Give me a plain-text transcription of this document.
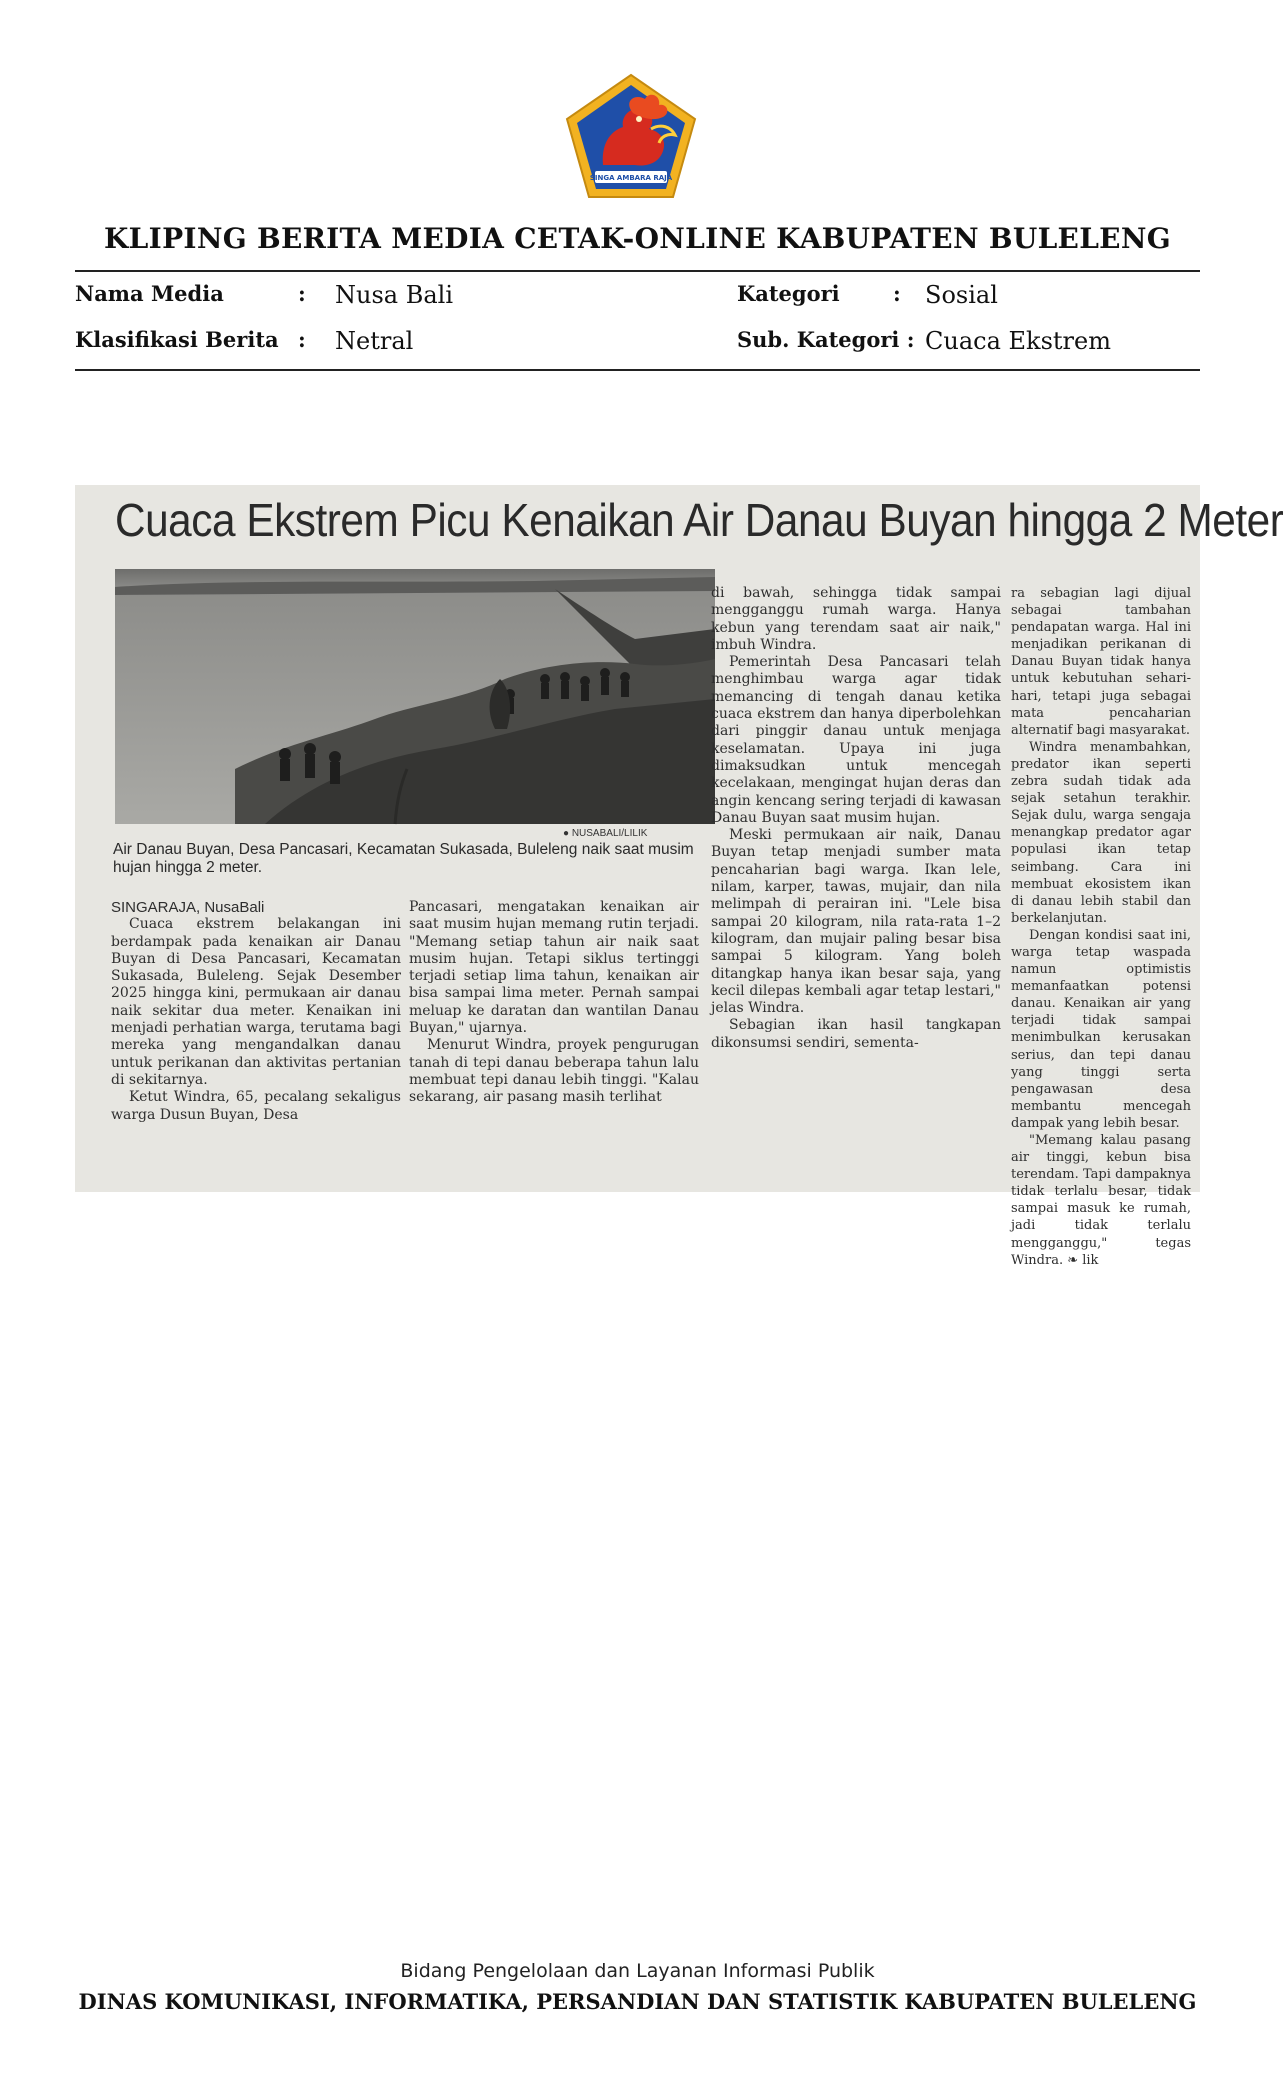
SINGA AMBARA RAJA
KLIPING BERITA MEDIA CETAK-ONLINE KABUPATEN BULELENG
Nama Media	: Nusa Bali	Kategori	: Sosial
Klasifikasi Berita : Netral	Sub. Kategori : Cuaca Ekstrem
Cuaca Ekstrem Picu Kenaikan Air Danau Buyan hingga 2 Meter
● NUSABALI/LILIK
Air Danau Buyan, Desa Pancasari, Kecamatan Sukasada, Buleleng naik saat musim hujan hingga 2 meter.

SINGARAJA, NusaBali

Cuaca ekstrem belakangan ini berdampak pada kenaikan air Danau Buyan di Desa Pancasari, Kecamatan Sukasada, Buleleng. Sejak Desember 2025 hingga kini, permukaan air danau naik sekitar dua meter. Kenaikan ini menjadi perhatian warga, terutama bagi mereka yang mengandalkan danau untuk perikanan dan aktivitas pertanian di sekitarnya.

Ketut Windra, 65, pecalang sekaligus warga Dusun Buyan, Desa

Pancasari, mengatakan kenaikan air saat musim hujan memang rutin terjadi. "Memang setiap tahun air naik saat musim hujan. Tetapi siklus tertinggi terjadi setiap lima tahun, kenaikan air bisa sampai lima meter. Pernah sampai meluap ke daratan dan wantilan Danau Buyan," ujarnya.

Menurut Windra, proyek pengurugan tanah di tepi danau beberapa tahun lalu membuat tepi danau lebih tinggi. "Kalau sekarang, air pasang masih terlihat

di bawah, sehingga tidak sampai mengganggu rumah warga. Hanya kebun yang terendam saat air naik," imbuh Windra.

Pemerintah Desa Pancasari telah menghimbau warga agar tidak memancing di tengah danau ketika cuaca ekstrem dan hanya diperbolehkan dari pinggir danau untuk menjaga keselamatan. Upaya ini juga dimaksudkan untuk mencegah kecelakaan, mengingat hujan deras dan angin kencang sering terjadi di kawasan Danau Buyan saat musim hujan.

Meski permukaan air naik, Danau Buyan tetap menjadi sumber mata pencaharian bagi warga. Ikan lele, nilam, karper, tawas, mujair, dan nila melimpah di perairan ini. "Lele bisa sampai 20 kilogram, nila rata-rata 1–2 kilogram, dan mujair paling besar bisa sampai 5 kilogram. Yang boleh ditangkap hanya ikan besar saja, yang kecil dilepas kembali agar tetap lestari," jelas Windra.

Sebagian ikan hasil tangkapan dikonsumsi sendiri, sementa-

ra sebagian lagi dijual sebagai tambahan pendapatan warga. Hal ini menjadikan perikanan di Danau Buyan tidak hanya untuk kebutuhan sehari-hari, tetapi juga sebagai mata pencaharian alternatif bagi masyarakat.

Windra menambahkan, predator ikan seperti zebra sudah tidak ada sejak setahun terakhir. Sejak dulu, warga sengaja menangkap predator agar populasi ikan tetap seimbang. Cara ini membuat ekosistem ikan di danau lebih stabil dan berkelanjutan.

Dengan kondisi saat ini, warga tetap waspada namun optimistis memanfaatkan potensi danau. Kenaikan air yang terjadi tidak sampai menimbulkan kerusakan serius, dan tepi danau yang tinggi serta pengawasan desa membantu mencegah dampak yang lebih besar.

"Memang kalau pasang air tinggi, kebun bisa terendam. Tapi dampaknya tidak terlalu besar, tidak sampai masuk ke rumah, jadi tidak terlalu mengganggu," tegas Windra. ❧ lik

Bidang Pengelolaan dan Layanan Informasi Publik
DINAS KOMUNIKASI, INFORMATIKA, PERSANDIAN DAN STATISTIK KABUPATEN BULELENG
